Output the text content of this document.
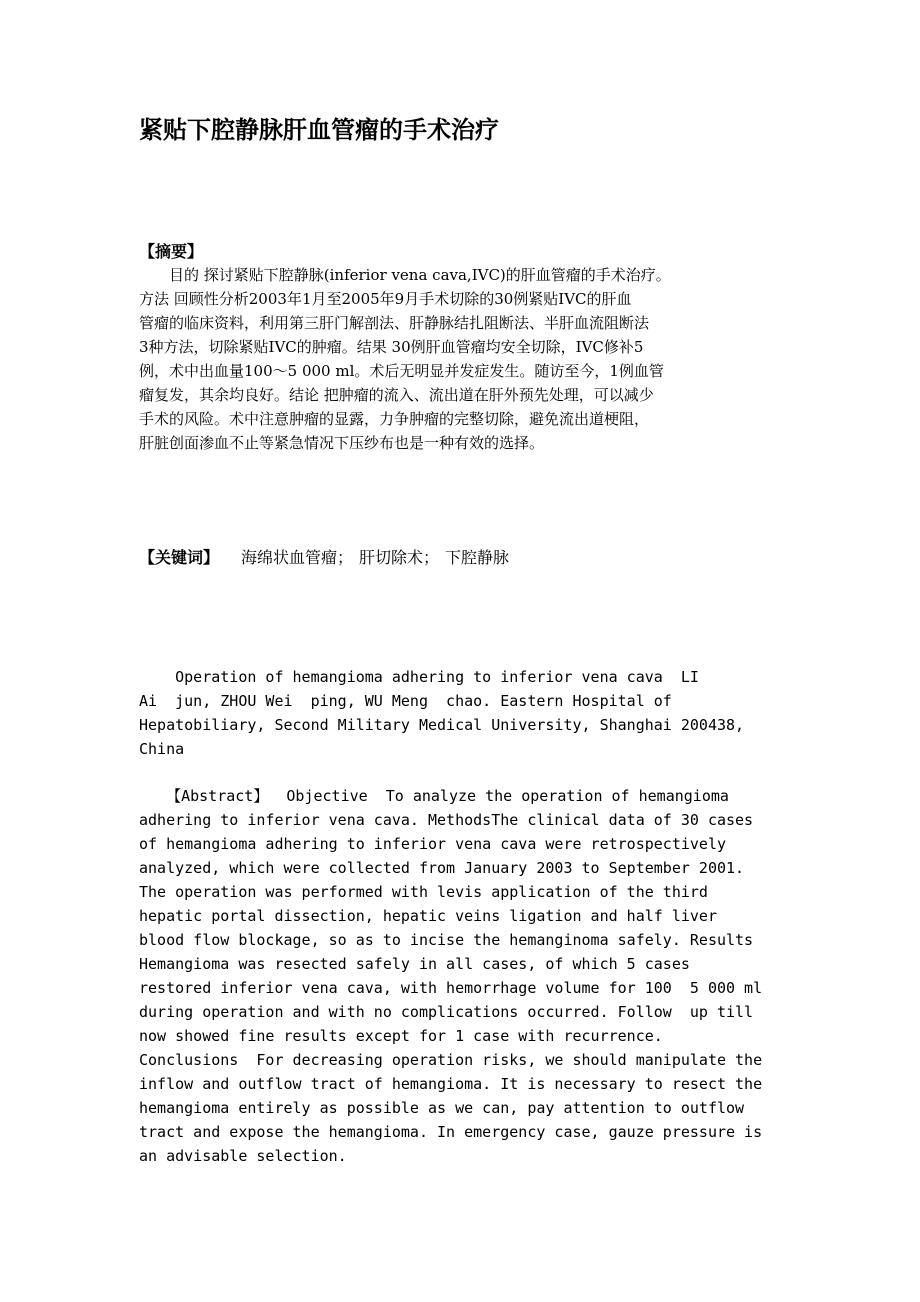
紧贴下腔静脉肝血管瘤的手术治疗
【摘要】
　　目的 探讨紧贴下腔静脉(inferior vena cava,IVC)的肝血管瘤的手术治疗。
方法 回顾性分析2003年1月至2005年9月手术切除的30例紧贴IVC的肝血
管瘤的临床资料，利用第三肝门解剖法、肝静脉结扎阻断法、半肝血流阻断法
3种方法，切除紧贴IVC的肿瘤。结果 30例肝血管瘤均安全切除，IVC修补5
例，术中出血量100～5 000 ml。术后无明显并发症发生。随访至今，1例血管
瘤复发，其余均良好。结论 把肿瘤的流入、流出道在肝外预先处理，可以减少
手术的风险。术中注意肿瘤的显露，力争肿瘤的完整切除，避免流出道梗阻，
肝脏创面渗血不止等紧急情况下压纱布也是一种有效的选择。
【关键词】 海绵状血管瘤； 肝切除术； 下腔静脉
Operation of hemangioma adhering to inferior vena cava  LI
Ai  jun, ZHOU Wei  ping, WU Meng  chao. Eastern Hospital of
Hepatobiliary, Second Military Medical University, Shanghai 200438,
China
【Abstract】  Objective  To analyze the operation of hemangioma
adhering to inferior vena cava. MethodsThe clinical data of 30 cases
of hemangioma adhering to inferior vena cava were retrospectively
analyzed, which were collected from January 2003 to September 2001.
The operation was performed with levis application of the third
hepatic portal dissection, hepatic veins ligation and half liver
blood flow blockage, so as to incise the hemanginoma safely. Results
Hemangioma was resected safely in all cases, of which 5 cases
restored inferior vena cava, with hemorrhage volume for 100  5 000 ml
during operation and with no complications occurred. Follow  up till
now showed fine results except for 1 case with recurrence.
Conclusions  For decreasing operation risks, we should manipulate the
inflow and outflow tract of hemangioma. It is necessary to resect the
hemangioma entirely as possible as we can, pay attention to outflow
tract and expose the hemangioma. In emergency case, gauze pressure is
an advisable selection.
